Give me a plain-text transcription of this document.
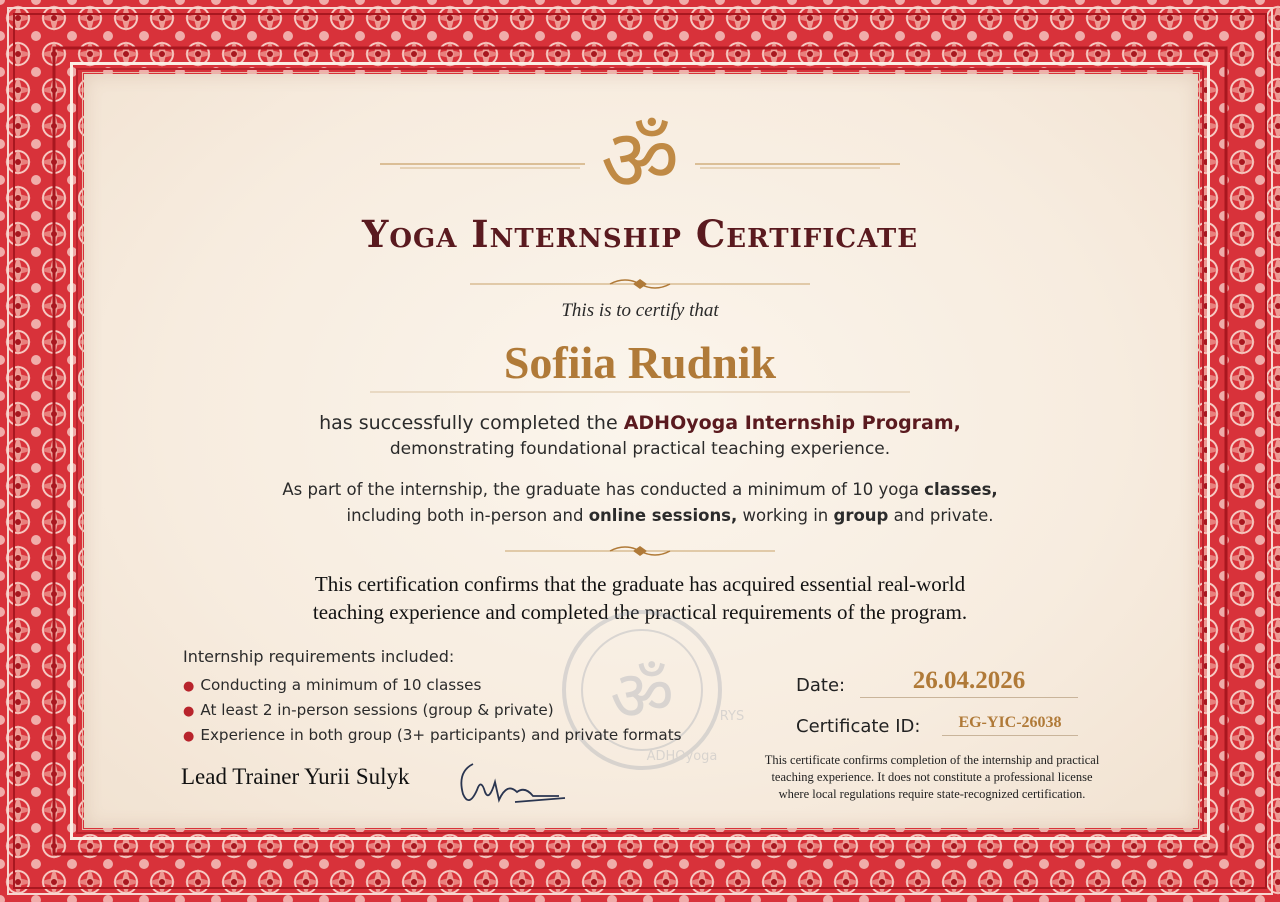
ॐ
Yoga Internship Certificate
This is to certify that
Sofiia Rudnik
has successfully completed the ADHOyoga Internship Program,
demonstrating foundational practical teaching experience.
As part of the internship, the graduate has conducted a minimum of 10 yoga classes,
including both in-person and online sessions, working in group and private.
This certification confirms that the graduate has acquired essential real-world
teaching experience and completed the practical requirements of the program.
ॐ
ADHOyoga
RYS
Internship requirements included:
● Conducting a minimum of 10 classes
● At least 2 in-person sessions (group & private)
● Experience in both group (3+ participants) and private formats
Lead Trainer Yurii Sulyk
Date:	26.04.2026
Certificate ID:	EG-YIC-26038
This certificate confirms completion of the internship and practical
teaching experience. It does not constitute a professional license
where local regulations require state-recognized certification.
